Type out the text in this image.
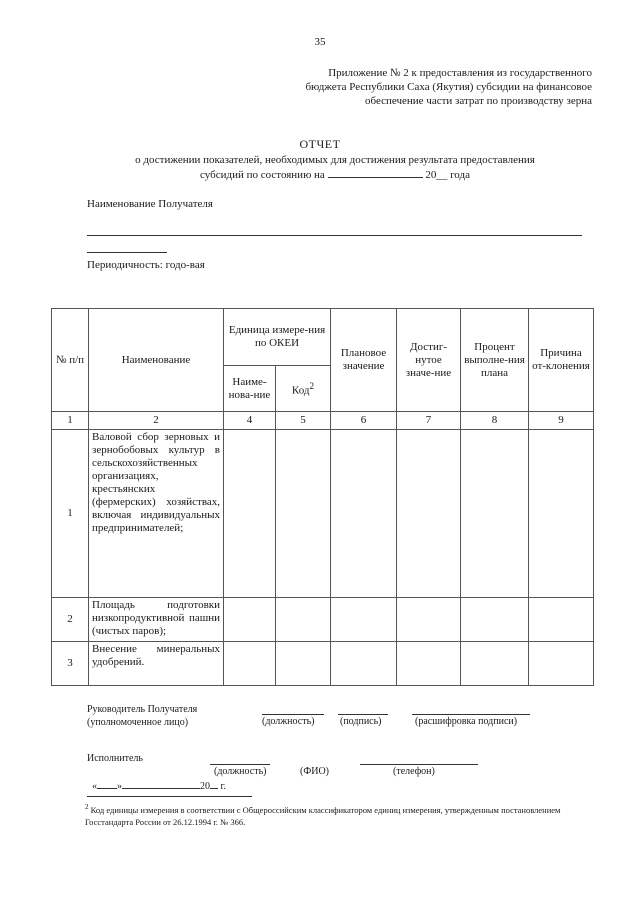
35
Приложение № 2 к предоставления из государственного
бюджета Республики Саха (Якутия) субсидии на финансовое
обеспечение части затрат по производству зерна
ОТЧЕТ
о достижении показателей, необходимых для достижения результата предоставления
субсидий по состоянию на	20__ года
Наименование Получателя
Периодичность: годо-вая
№ п/п	Наименование	Единица измере-ния по ОКЕИ		Плановое значение	Достиг-нутое значе-ние	Процент выполне-ния плана	Причина от-клонения
		Наиме-нова-ние	Код$^2$
1	2	4	5	6	7	8	9
1	Валовой сбор зерновых и зернобобовых культур в сельскохозяйственных организациях, крестьянских (фермерских) хозяйствах, включая индивидуальных предпринимателей;						
2	Площадь подготовки низкопродуктивной пашни (чистых паров);						
3	Внесение минеральных удобрений.						
Руководитель Получателя
(уполномоченное лицо)	(должность)	(подпись)	(расшифровка подписи)
Исполнитель
(должность)	(ФИО)	(телефон)
« »	20 г.
$^2$ Код единицы измерения в соответствии с Общероссийским классификатором единиц измерения, утвержденным постановлением Госстандарта России от 26.12.1994 г. № 366.
